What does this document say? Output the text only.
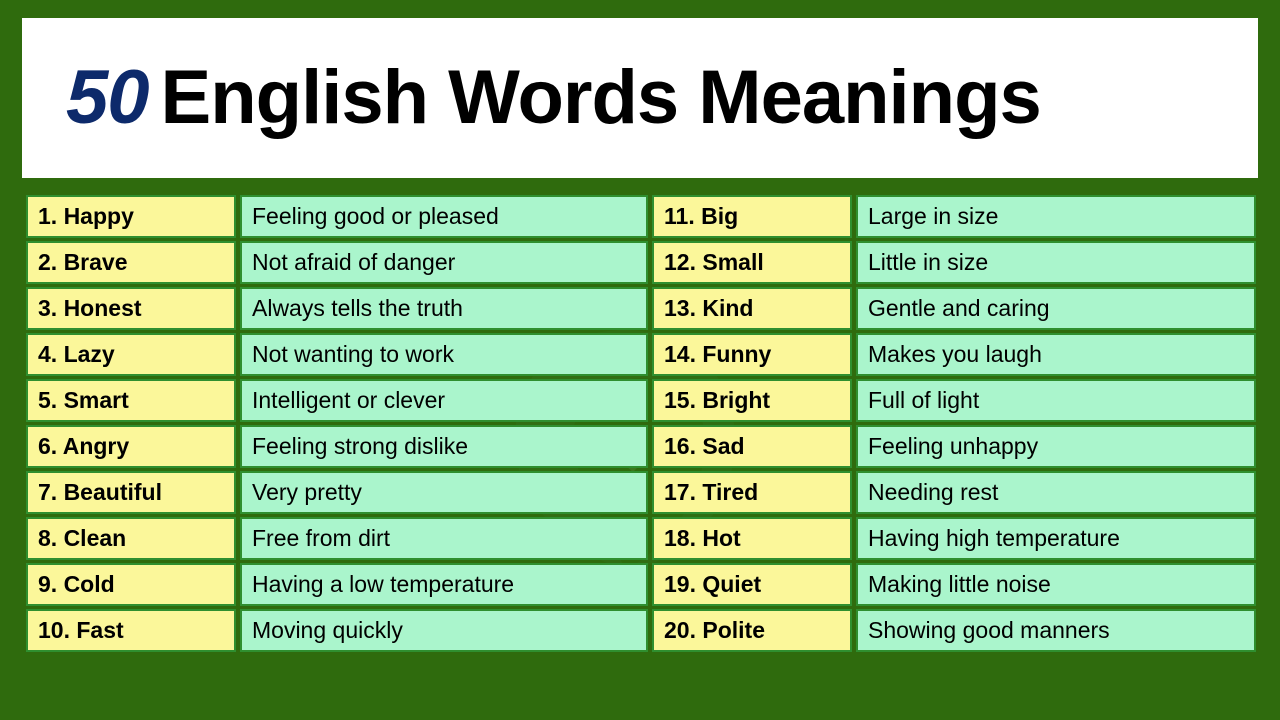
50 English Words Meanings
1. Happy	Feeling good or pleased	11. Big	Large in size
2. Brave	Not afraid of danger	12. Small	Little in size
3. Honest	Always tells the truth	13. Kind	Gentle and caring
4. Lazy	Not wanting to work	14. Funny	Makes you laugh
5. Smart	Intelligent or clever	15. Bright	Full of light
6. Angry	Feeling strong dislike	16. Sad	Feeling unhappy
7. Beautiful	Very pretty	17. Tired	Needing rest
8. Clean	Free from dirt	18. Hot	Having high temperature
9. Cold	Having a low temperature	19. Quiet	Making little noise
10. Fast	Moving quickly	20. Polite	Showing good manners
